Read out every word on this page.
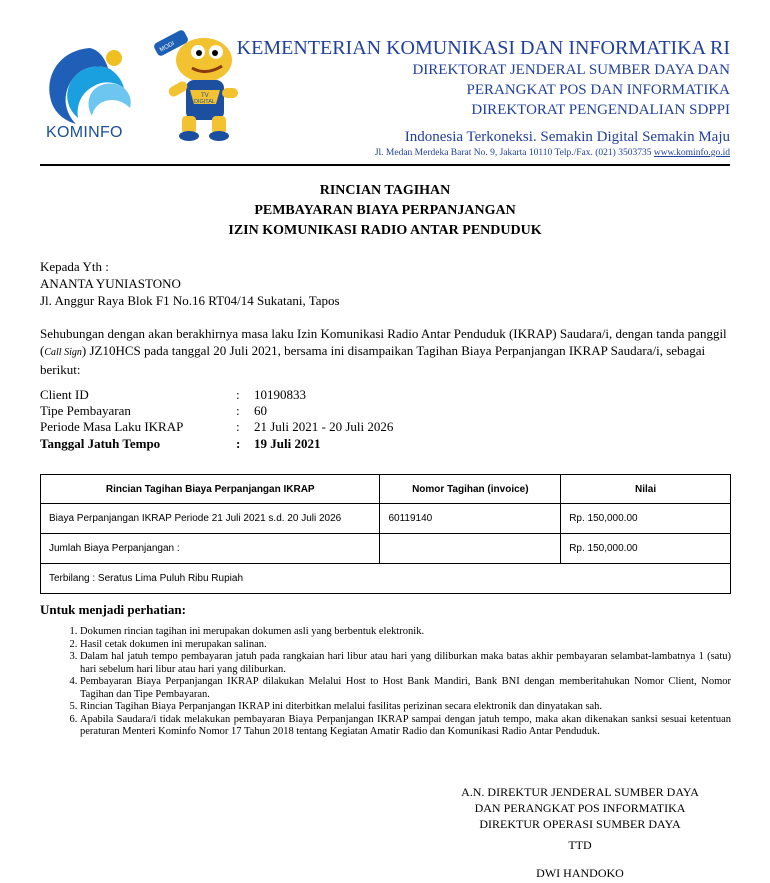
KOMINFO
MODI
TV
DIGITAL
KEMENTERIAN KOMUNIKASI DAN INFORMATIKA RI
DIREKTORAT JENDERAL SUMBER DAYA DAN
PERANGKAT POS DAN INFORMATIKA
DIREKTORAT PENGENDALIAN SDPPI
Indonesia Terkoneksi. Semakin Digital Semakin Maju
Jl. Medan Merdeka Barat No. 9, Jakarta 10110 Telp./Fax. (021) 3503735 www.kominfo.go.id
RINCIAN TAGIHAN
PEMBAYARAN BIAYA PERPANJANGAN
IZIN KOMUNIKASI RADIO ANTAR PENDUDUK
Kepada Yth :
ANANTA YUNIASTONO
Jl. Anggur Raya Blok F1 No.16 RT04/14 Sukatani, Tapos
Sehubungan dengan akan berakhirnya masa laku Izin Komunikasi Radio Antar Penduduk (IKRAP) Saudara/i, dengan tanda panggil (Call Sign) JZ10HCS pada tanggal 20 Juli 2021, bersama ini disampaikan Tagihan Biaya Perpanjangan IKRAP Saudara/i, sebagai berikut:
Client ID	:	10190833
Tipe Pembayaran	:	60
Periode Masa Laku IKRAP	:	21 Juli 2021 - 20 Juli 2026
Tanggal Jatuh Tempo	:	19 Juli 2021
Rincian Tagihan Biaya Perpanjangan IKRAP	Nomor Tagihan (invoice)	Nilai
Biaya Perpanjangan IKRAP Periode 21 Juli 2021 s.d. 20 Juli 2026	60119140	Rp. 150,000.00
Jumlah Biaya Perpanjangan :		Rp. 150,000.00
Terbilang : Seratus Lima Puluh Ribu Rupiah		
Untuk menjadi perhatian:
1. Dokumen rincian tagihan ini merupakan dokumen asli yang berbentuk elektronik.
2. Hasil cetak dokumen ini merupakan salinan.
3. Dalam hal jatuh tempo pembayaran jatuh pada rangkaian hari libur atau hari yang diliburkan maka batas akhir pembayaran selambat-lambatnya 1 (satu) hari sebelum hari libur atau hari yang diliburkan.
4. Pembayaran Biaya Perpanjangan IKRAP dilakukan Melalui Host to Host Bank Mandiri, Bank BNI dengan memberitahukan Nomor Client, Nomor Tagihan dan Tipe Pembayaran.
5. Rincian Tagihan Biaya Perpanjangan IKRAP ini diterbitkan melalui fasilitas perizinan secara elektronik dan dinyatakan sah.
6. Apabila Saudara/i tidak melakukan pembayaran Biaya Perpanjangan IKRAP sampai dengan jatuh tempo, maka akan dikenakan sanksi sesuai ketentuan peraturan Menteri Kominfo Nomor 17 Tahun 2018 tentang Kegiatan Amatir Radio dan Komunikasi Radio Antar Penduduk.
A.N. DIREKTUR JENDERAL SUMBER DAYA
DAN PERANGKAT POS INFORMATIKA
DIREKTUR OPERASI SUMBER DAYA
TTD
DWI HANDOKO
